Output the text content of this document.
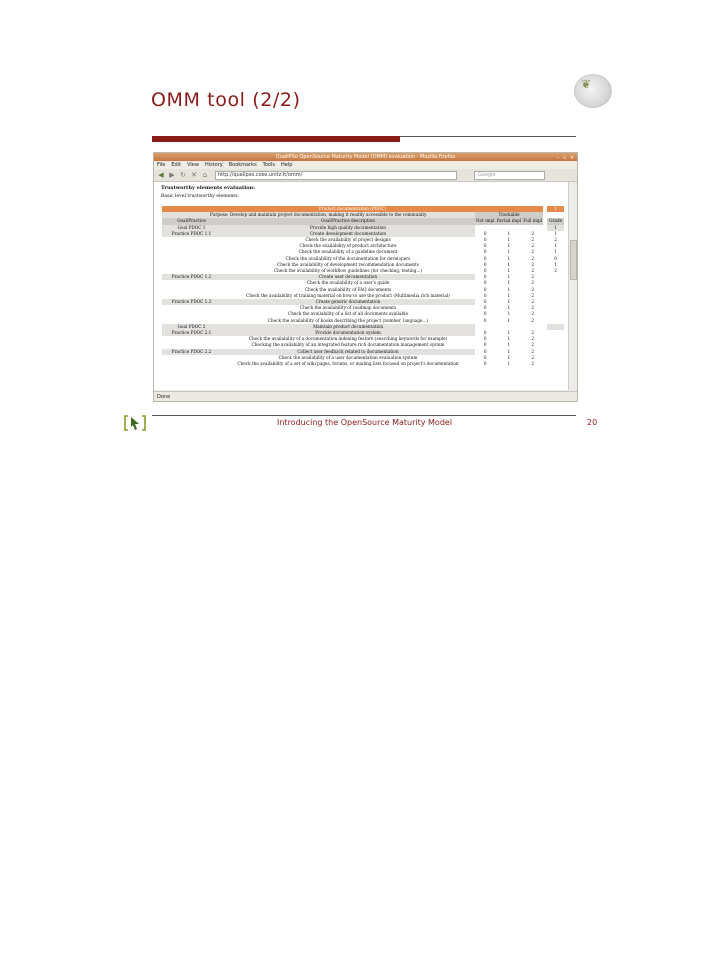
OMM tool (2/2)
❦
QualiPSo OpenSource Maturity Model (OMM) evaluation - Mozilla Firefox	– ▫ ×
File Edit View History Bookmarks Tools Help
◀ ▶ ↻ ✕ ⌂	http://qualipso.cose.unitz.it/omm/	Google
Trustworthy elements evaluation:
Basic level trustworthy elements:
Product documentation (PDOC)						1
Purpose: Develop and maintain project documentation, making it readily accessible to the community.		Trackable				
Goal/Practice	Goal/Practice description	Not impl	Partial impl	Full impl		Grade
Goal PDOC 1	Provide high quality documentation					1
Practice PDOC 1.1	Create development documentation	0	1	2		1
	Check the availability of project designs	0	1	2		2
	Check the availability of product architecture	0	1	2		1
	Check the availability of a guideline document	0	1	2		1
	Check the availability of the documentation for developers	0	1	2		0
	Check the availability of development recommendation documents	0	1	2		1
	Check the availability of workflow guidelines (for checking, testing...)	0	1	2		2
Practice PDOC 1.2	Create user documentation	0	1	2		
	Check the availability of a user's guide	0	1	2		
	Check the availability of FAQ documents	0	1	2		
	Check the availability of training material on how to use the product (Multimedia rich material)	0	1	2		
Practice PDOC 1.3	Create generic documentation	0	1	2		
	Check the availability of roadmap documents	0	1	2		
	Check the availability of a list of all documents available	0	1	2		
	Check the availability of books describing the project (number, language...)	0	1	2		
Goal PDOC 2	Maintain product documentation					
Practice PDOC 2.1	Provide documentation system	0	1	2		
	Check the availability of a documentation indexing feature (searching keywords for example)	0	1	2		
	Checking the availability of an integrated feature rich documentation management system	0	1	2		
Practice PDOC 2.2	Collect user feedback related to documentation	0	1	2		
	Check the availability of a user documentation evaluation system	0	1	2		
	Check the availability of a set of wiki pages, forums, or mailing lists focused on project's documentation	0	1	2		
Done
Introducing the OpenSource Maturity Model	20
